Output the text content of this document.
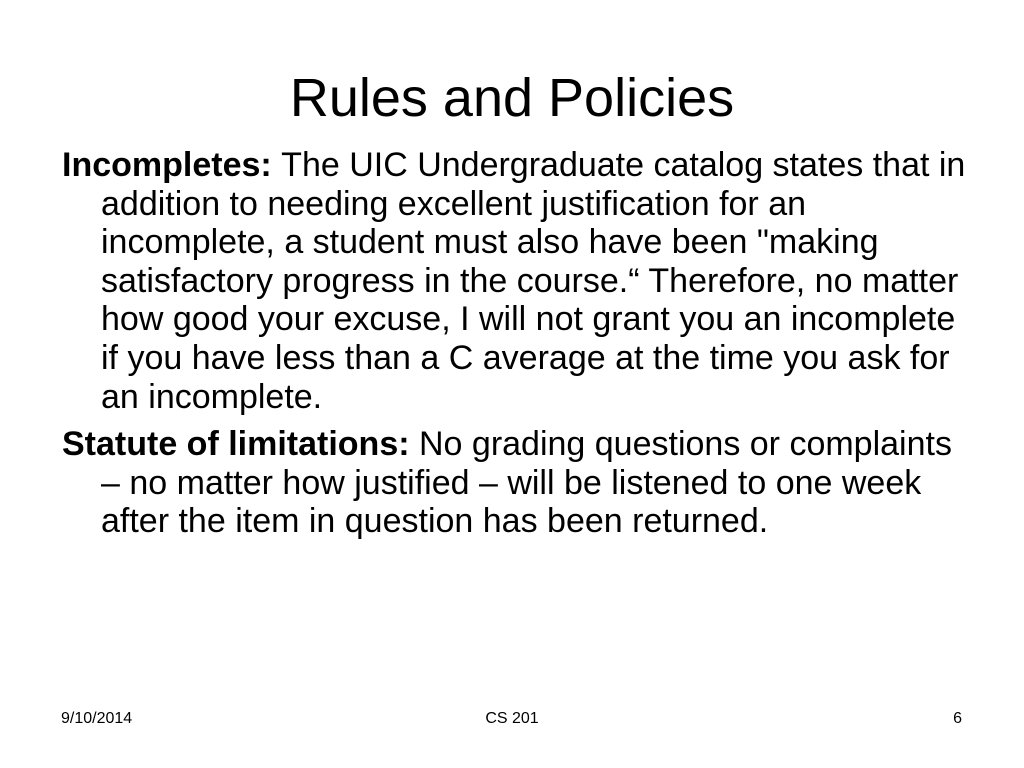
Rules and Policies

Incompletes: The UIC Undergraduate catalog states that in addition to needing excellent justification for an incomplete, a student must also have been "making satisfactory progress in the course.“ Therefore, no matter how good your excuse, I will not grant you an incomplete if you have less than a C average at the time you ask for an incomplete.

Statute of limitations: No grading questions or complaints – no matter how justified – will be listened to one week after the item in question has been returned.

9/10/2014	CS 201	6
